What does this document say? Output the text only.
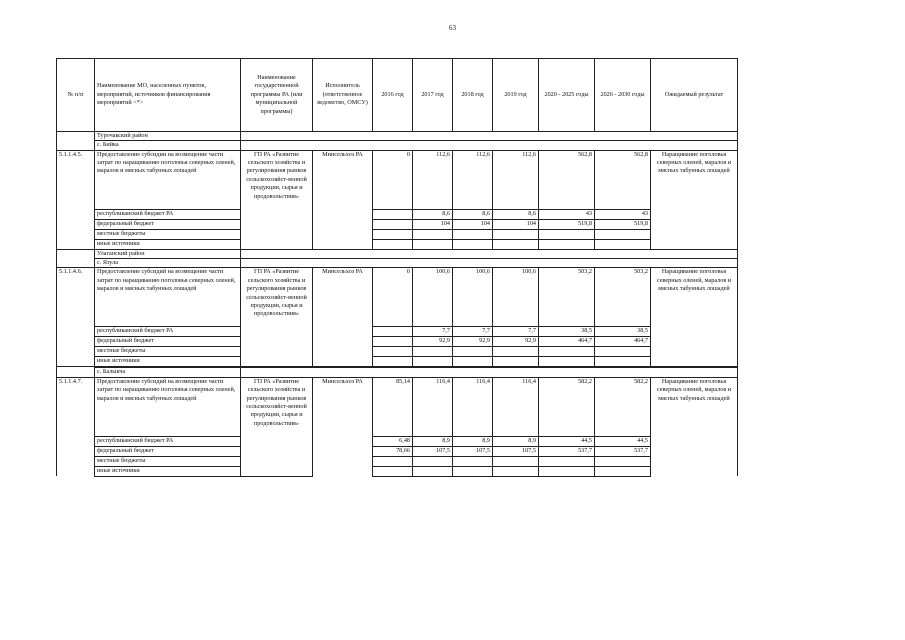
63
№ п/п	Наименование МО, населенных пунктов, мероприятий, источников финансирования мероприятий <*>	Наименование государственной программы РА (или муниципальной программы)	Исполнитель (ответственное ведомство, ОМСУ)	2016 год	2017 год	2018 год	2019 год	2020 - 2025 годы	2026 - 2030 годы	Ожидаемый результат
	Турочакский район									
	с. Бийка									
5.1.1.4.5.	Предоставление субсидии на возмещение части затрат по наращиванию поголовья северных оленей, маралов и мясных табунных лошадей	ГП РА «Развитие сельского хозяйства и регулирования рынков сельскохозяйст-венной продукции, сырья и продовольствия»	Минсельхоз РА	0	112,6	112,6	112,6	562,8	562,8	Наращивание поголовья северных оленей, маралов и мясных табунных лошадей
	республиканский бюджет РА				8,6	8,6	8,6	43	43	
	федеральный бюджет				104	104	104	519,8	519,8	
	местные бюджеты									
	иные источники									
	Улаганский район									
	с. Язула									
5.1.1.4.6.	Предоставление субсидий на возмещение части затрат по наращиванию поголовья северных оленей, маралов и мясных табунных лошадей	ГП РА «Развитие сельского хозяйства и регулирования рынков сельскохозяйст-венной продукции, сырья и продовольствия»	Минсельхоз РА	0	100,6	100,6	100,6	503,2	503,2	Наращивание поголовья северных оленей, маралов и мясных табунных лошадей
	республиканский бюджет РА				7,7	7,7	7,7	38,5	38,5	
	федеральный бюджет				92,9	92,9	92,9	464,7	464,7	
	местные бюджеты									
	иные источники									

	с. Балыкча									
5.1.1.4.7.	Предоставление субсидий на возмещение части затрат по наращиванию поголовья северных оленей, маралов и мясных табунных лошадей	ГП РА «Развитие сельского хозяйства и регулирования рынков сельскохозяйст-венной продукции, сырья и продовольствия»	Минсельхоз РА	85,14	116,4	116,4	116,4	582,2	582,2	Наращивание поголовья северных оленей, маралов и мясных табунных лошадей
	республиканский бюджет РА			6,48	8,9	8,9	8,9	44,5	44,5	
	федеральный бюджет			78,66	107,5	107,5	107,5	537,7	537,7	
	местные бюджеты									
	иные источники									
